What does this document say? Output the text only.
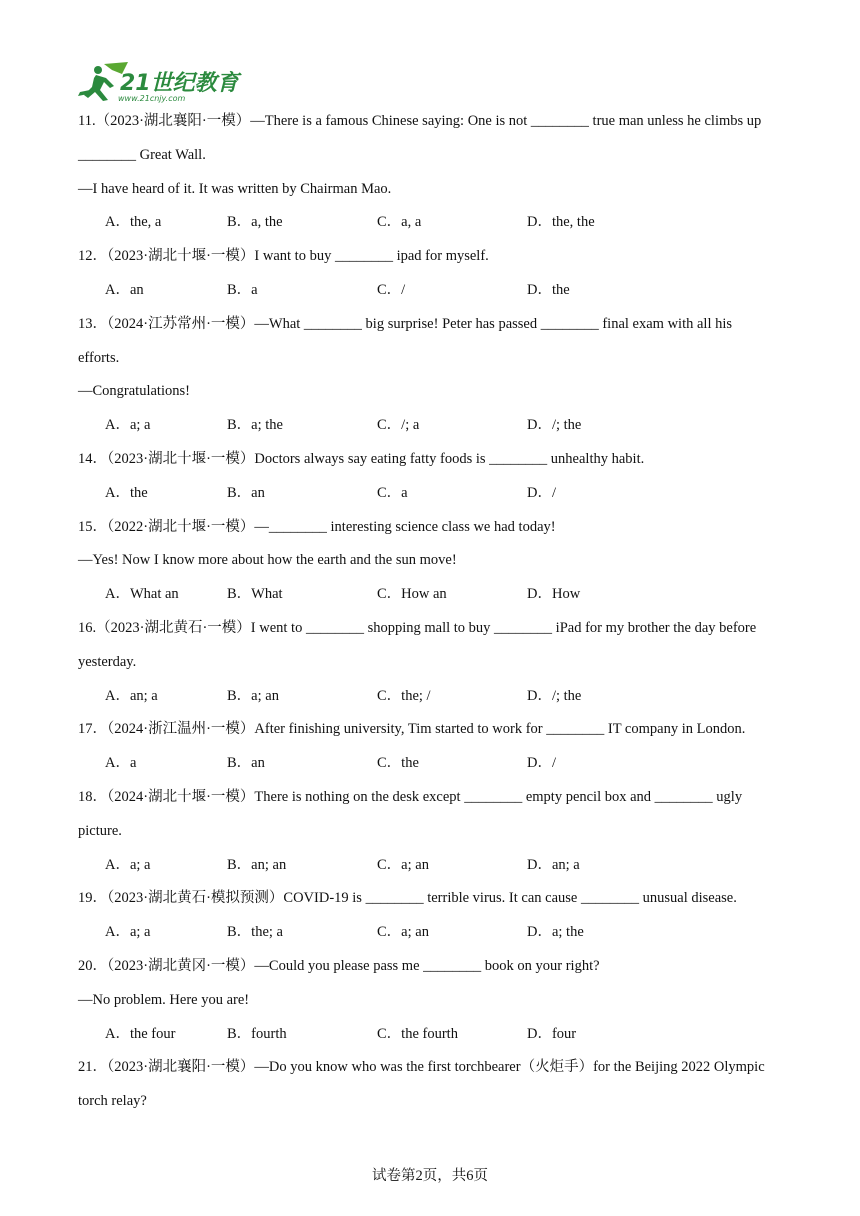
21世纪教育
www.21cnjy.com
11.（2023·湖北襄阳·一模）—There is a famous Chinese saying: One is not ________ true man unless he climbs up
________ Great Wall.
—I have heard of it. It was written by Chairman Mao.
A．the, a	B．a, the	C．a, a	D．the, the
12．（2023·湖北十堰·一模）I want to buy ________ ipad for myself.
A．an	B．a	C．/	D．the
13．（2024·江苏常州·一模）—What ________ big surprise! Peter has passed ________ final exam with all his
efforts.
—Congratulations!
A．a; a	B．a; the	C．/; a	D．/; the
14．（2023·湖北十堰·一模）Doctors always say eating fatty foods is ________ unhealthy habit.
A．the	B．an	C．a	D．/
15．（2022·湖北十堰·一模）—________ interesting science class we had today!
—Yes! Now I know more about how the earth and the sun move!
A．What an	B．What	C．How an	D．How
16.（2023·湖北黄石·一模）I went to ________ shopping mall to buy ________ iPad for my brother the day before
yesterday.
A．an; a	B．a; an	C．the; /	D．/; the
17．（2024·浙江温州·一模）After finishing university, Tim started to work for ________ IT company in London.
A．a	B．an	C．the	D．/
18．（2024·湖北十堰·一模）There is nothing on the desk except ________ empty pencil box and ________ ugly
picture.
A．a; a	B．an; an	C．a; an	D．an; a
19．（2023·湖北黄石·模拟预测）COVID-19 is ________ terrible virus. It can cause ________ unusual disease.
A．a; a	B．the; a	C．a; an	D．a; the
20．（2023·湖北黄冈·一模）—Could you please pass me ________ book on your right?
—No problem. Here you are!
A．the four	B．fourth	C．the fourth	D．four
21．（2023·湖北襄阳·一模）—Do you know who was the first torchbearer（火炬手）for the Beijing 2022 Olympic
torch relay?
试卷第2页，共6页
